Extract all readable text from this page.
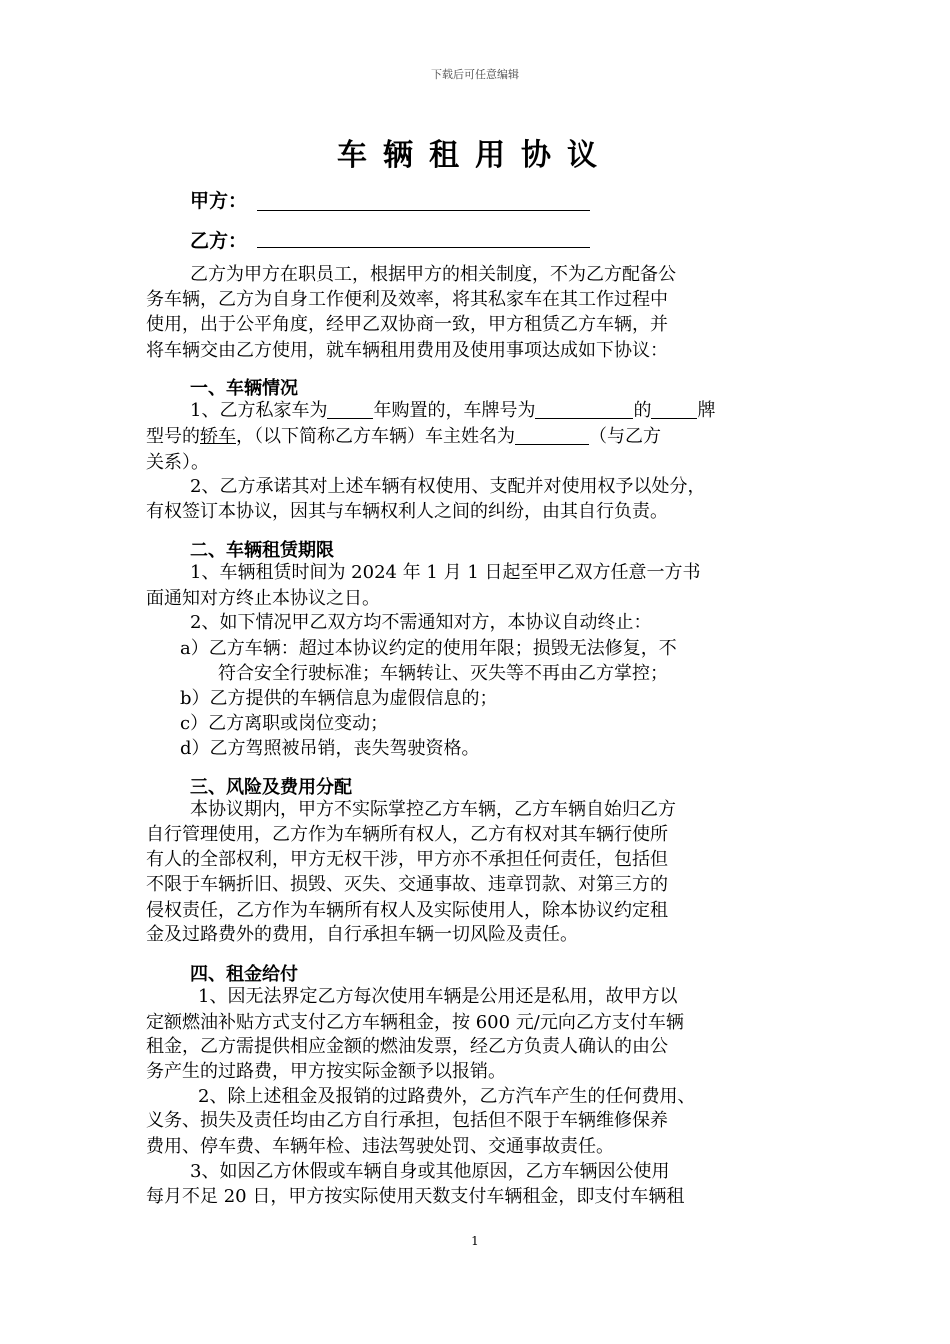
下载后可任意编辑
车辆租用协议
甲方：
乙方：
乙方为甲方在职员工，根据甲方的相关制度，不为乙方配备公
务车辆，乙方为自身工作便利及效率，将其私家车在其工作过程中
使用，出于公平角度，经甲乙双协商一致，甲方租赁乙方车辆，并
将车辆交由乙方使用，就车辆租用费用及使用事项达成如下协议：
一、车辆情况
1、乙方私家车为	年购置的，车牌号为	的	牌
型号的轿车，（以下简称乙方车辆）车主姓名为	（与乙方
关系）。
2、乙方承诺其对上述车辆有权使用、支配并对使用权予以处分，
有权签订本协议，因其与车辆权利人之间的纠纷，由其自行负责。
二、车辆租赁期限
1、车辆租赁时间为 2024 年 1 月 1 日起至甲乙双方任意一方书
面通知对方终止本协议之日。
2、如下情况甲乙双方均不需通知对方，本协议自动终止：
a）乙方车辆：超过本协议约定的使用年限；损毁无法修复，不
符合安全行驶标准；车辆转让、灭失等不再由乙方掌控；
b）乙方提供的车辆信息为虚假信息的；
c）乙方离职或岗位变动；
d）乙方驾照被吊销，丧失驾驶资格。
三、风险及费用分配
本协议期内，甲方不实际掌控乙方车辆，乙方车辆自始归乙方
自行管理使用，乙方作为车辆所有权人，乙方有权对其车辆行使所
有人的全部权利，甲方无权干涉，甲方亦不承担任何责任，包括但
不限于车辆折旧、损毁、灭失、交通事故、违章罚款、对第三方的
侵权责任，乙方作为车辆所有权人及实际使用人，除本协议约定租
金及过路费外的费用，自行承担车辆一切风险及责任。
四、租金给付
1、因无法界定乙方每次使用车辆是公用还是私用，故甲方以
定额燃油补贴方式支付乙方车辆租金，按 600 元/元向乙方支付车辆
租金，乙方需提供相应金额的燃油发票，经乙方负责人确认的由公
务产生的过路费，甲方按实际金额予以报销。
2、除上述租金及报销的过路费外，乙方汽车产生的任何费用、
义务、损失及责任均由乙方自行承担，包括但不限于车辆维修保养
费用、停车费、车辆年检、违法驾驶处罚、交通事故责任。
3、如因乙方休假或车辆自身或其他原因，乙方车辆因公使用
每月不足 20 日，甲方按实际使用天数支付车辆租金，即支付车辆租
1
